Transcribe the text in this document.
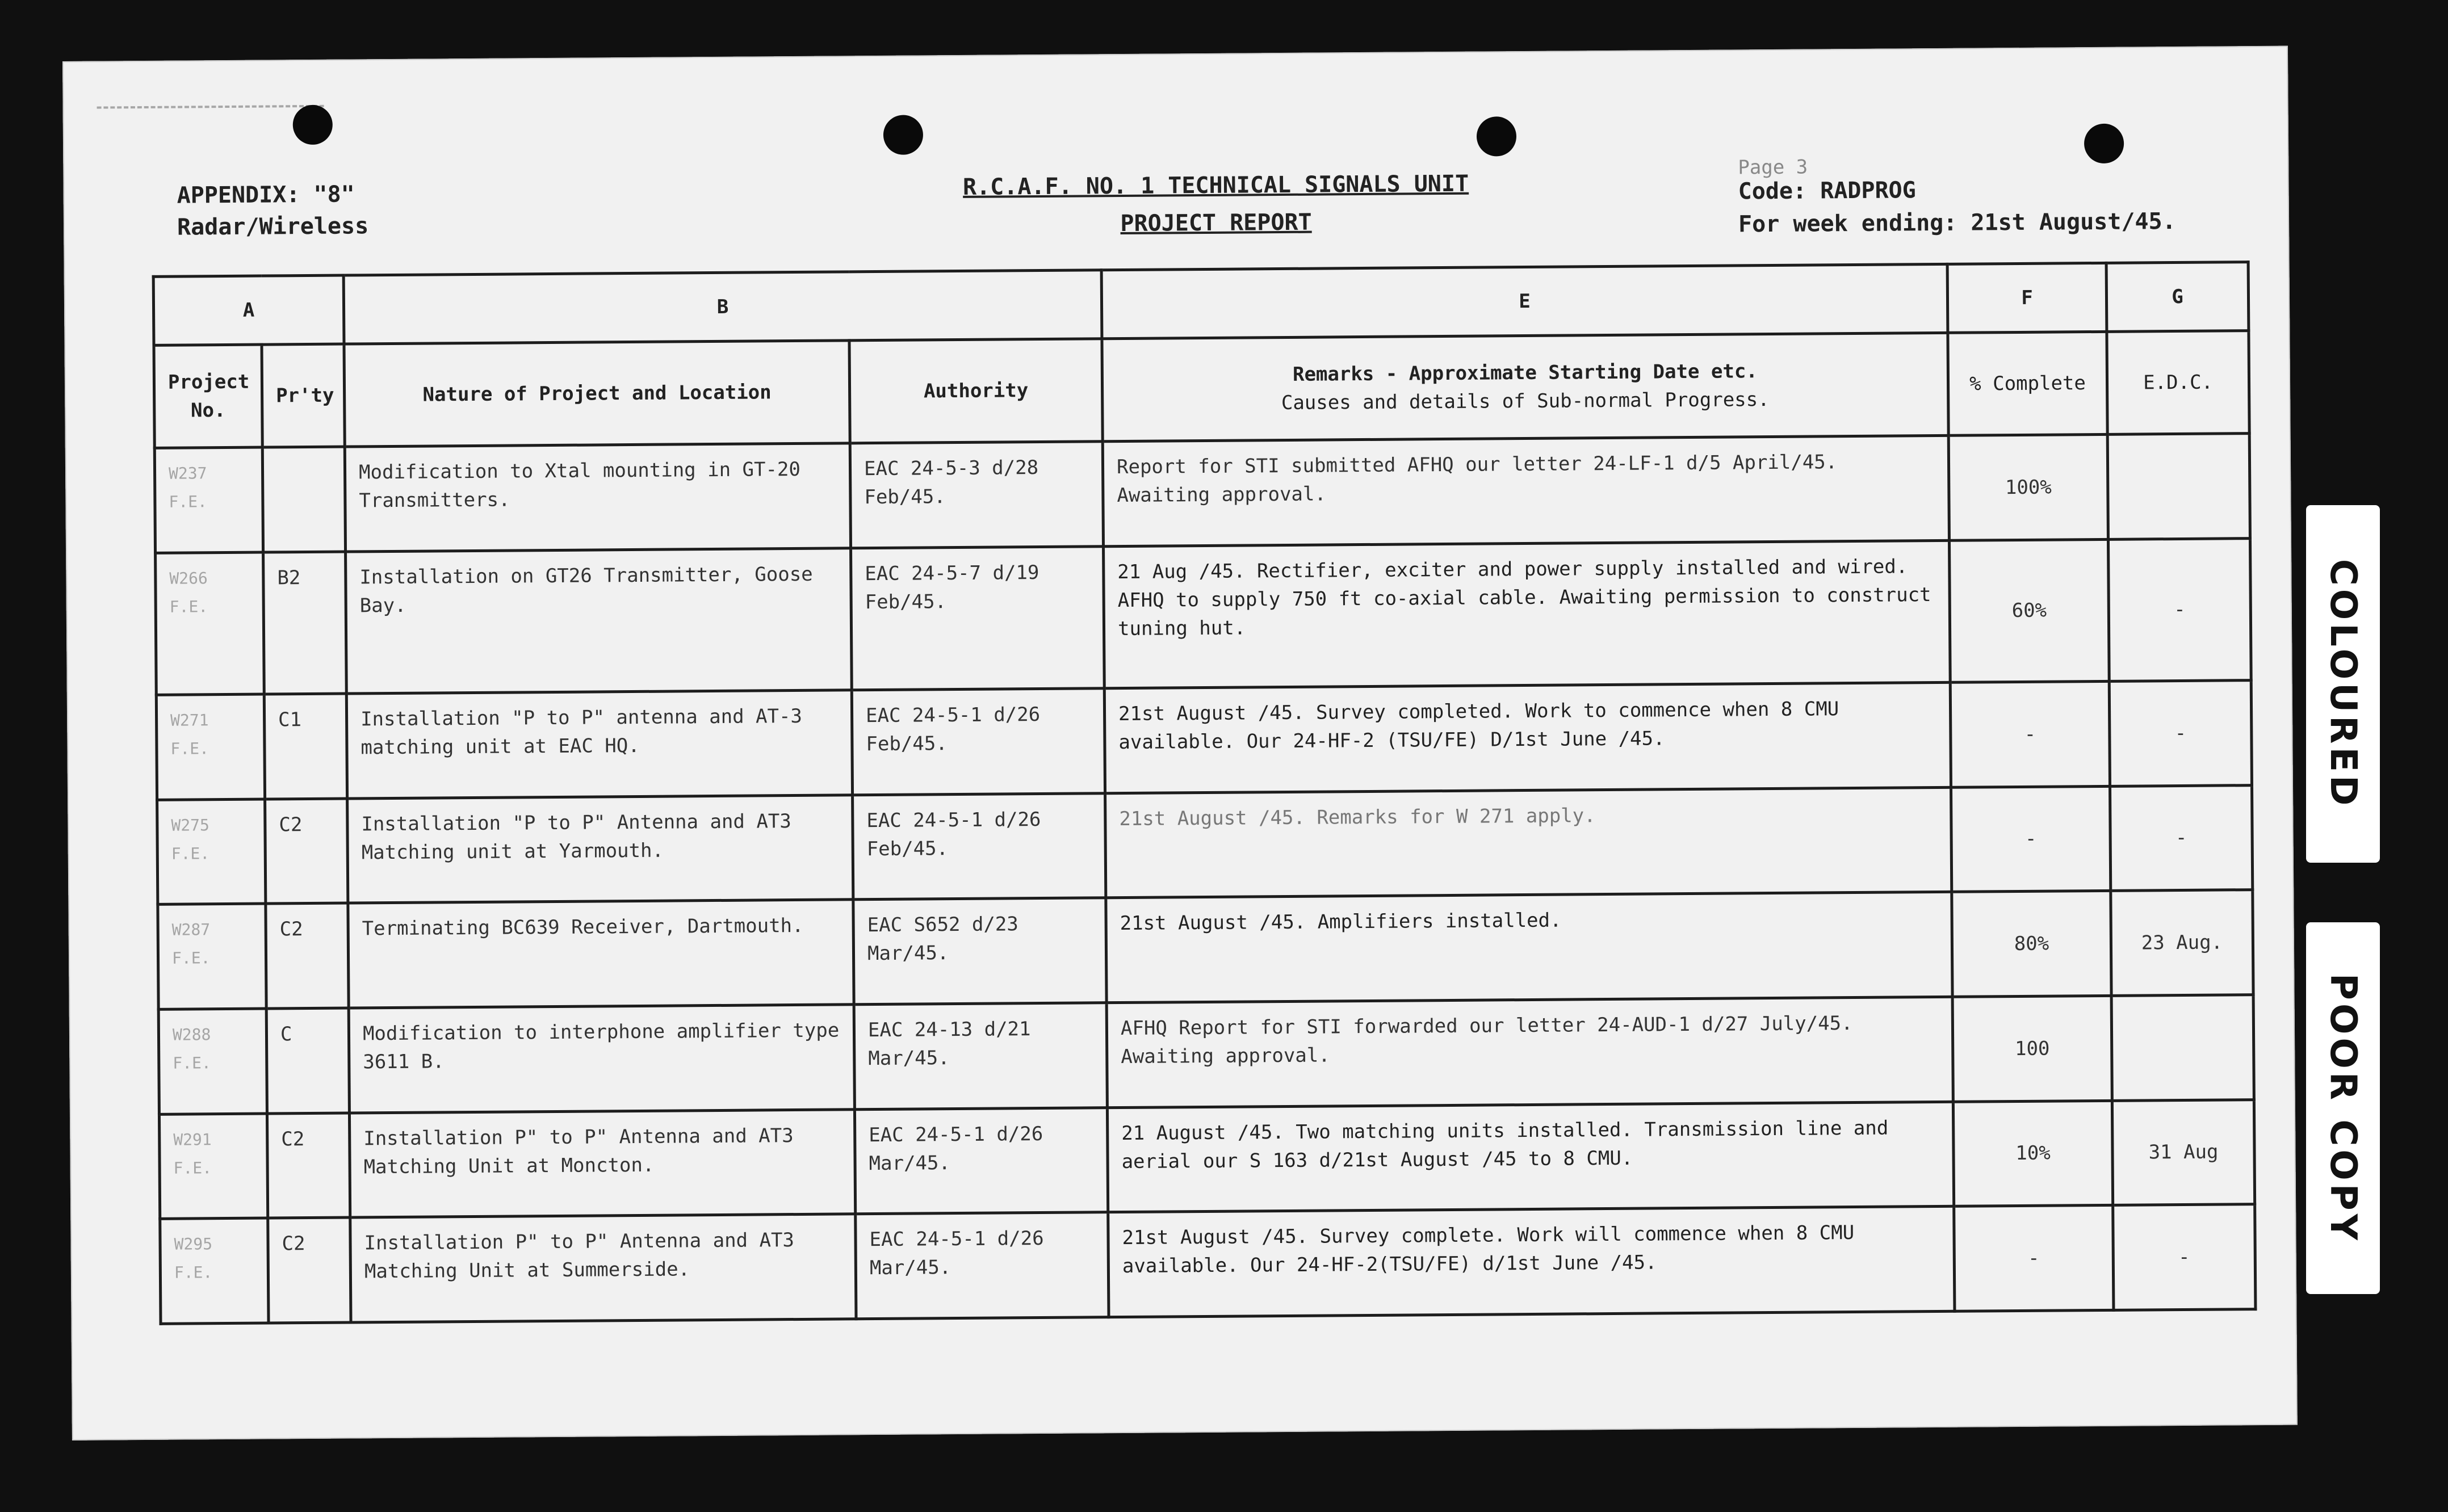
APPENDIX: "8"
Radar/Wireless
R.C.A.F. NO. 1 TECHNICAL SIGNALS UNIT
PROJECT REPORT
Page 3
Code: RADPROG
For week ending: 21st August/45.
A		B		E	F	G
Project No.	Pr'ty	Nature of Project and Location	Authority	Remarks - Approximate Starting Date etc.
Causes and details of Sub-normal Progress.	% Complete	E.D.C.
W237 F.E.		Modification to Xtal mounting in GT-20 Transmitters.	EAC 24-5-3 d/28 Feb/45.	Report for STI submitted AFHQ our letter 24-LF-1 d/5 April/45. Awaiting approval.	100%	
W266 F.E.	B2	Installation on GT26 Transmitter, Goose Bay.	EAC 24-5-7 d/19 Feb/45.	21 Aug /45. Rectifier, exciter and power supply installed and wired. AFHQ to supply 750 ft co-axial cable. Awaiting permission to construct tuning hut.	60%	-
W271 F.E.	C1	Installation "P to P" antenna and AT-3 matching unit at EAC HQ.	EAC 24-5-1 d/26 Feb/45.	21st August /45. Survey completed. Work to commence when 8 CMU available. Our 24-HF-2 (TSU/FE) D/1st June /45.	-	-
W275 F.E.	C2	Installation "P to P" Antenna and AT3 Matching unit at Yarmouth.	EAC 24-5-1 d/26 Feb/45.	21st August /45. Remarks for W 271 apply.	-	-
W287 F.E.	C2	Terminating BC639 Receiver, Dartmouth.	EAC S652 d/23 Mar/45.	21st August /45. Amplifiers installed.	80%	23 Aug.
W288 F.E.	C	Modification to interphone amplifier type 3611 B.	EAC 24-13 d/21 Mar/45.	AFHQ Report for STI forwarded our letter 24-AUD-1 d/27 July/45. Awaiting approval.	100	
W291 F.E.	C2	Installation P" to P" Antenna and AT3 Matching Unit at Moncton.	EAC 24-5-1 d/26 Mar/45.	21 August /45. Two matching units installed. Transmission line and aerial our S 163 d/21st August /45 to 8 CMU.	10%	31 Aug
W295 F.E.	C2	Installation P" to P" Antenna and AT3 Matching Unit at Summerside.	EAC 24-5-1 d/26 Mar/45.	21st August /45. Survey complete. Work will commence when 8 CMU available. Our 24-HF-2(TSU/FE) d/1st June /45.	-	-
COLOURED
POOR COPY
